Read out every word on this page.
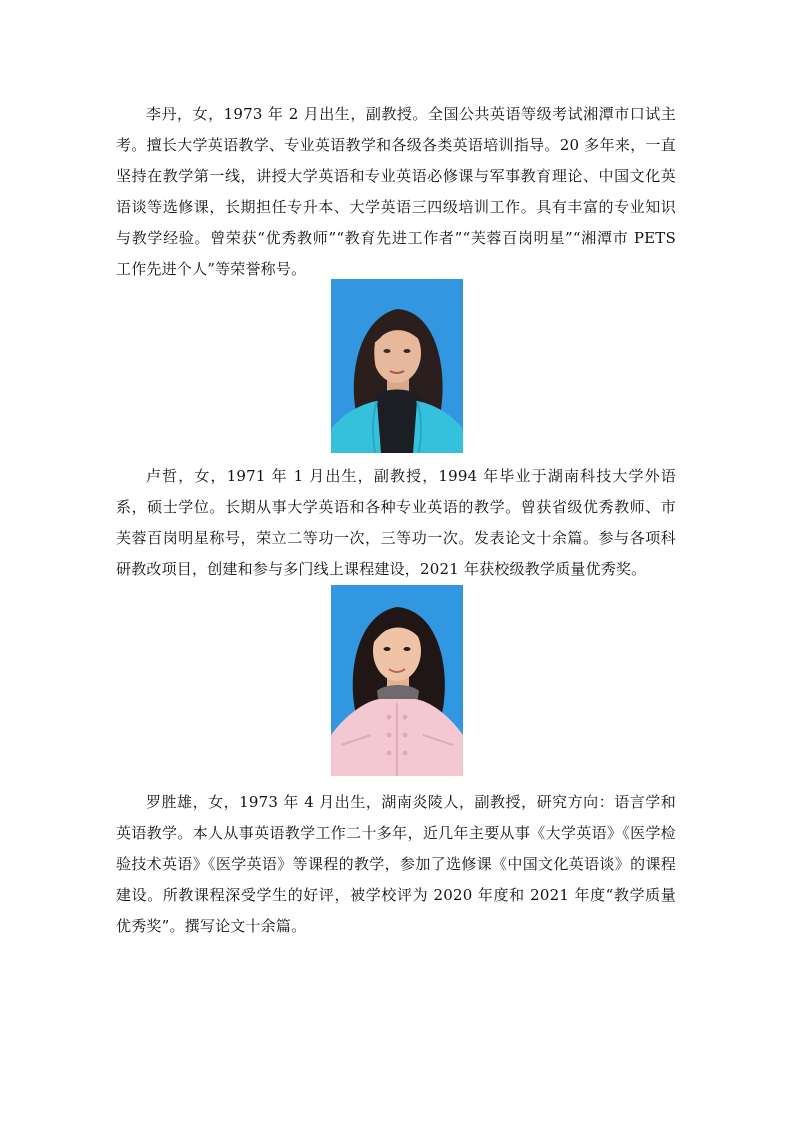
李丹，女，1973 年 2 月出生，副教授。全国公共英语等级考试湘潭市口试主考。擅长大学英语教学、专业英语教学和各级各类英语培训指导。20 多年来，一直坚持在教学第一线，讲授大学英语和专业英语必修课与军事教育理论、中国文化英语谈等选修课，长期担任专升本、大学英语三四级培训工作。具有丰富的专业知识与教学经验。曾荣获“优秀教师”“教育先进工作者”“芙蓉百岗明星”“湘潭市 PETS 工作先进个人”等荣誉称号。

卢哲，女，1971 年 1 月出生，副教授，1994 年毕业于湖南科技大学外语系，硕士学位。长期从事大学英语和各种专业英语的教学。曾获省级优秀教师、市芙蓉百岗明星称号，荣立二等功一次，三等功一次。发表论文十余篇。参与各项科研教改项目，创建和参与多门线上课程建设，2021 年获校级教学质量优秀奖。

罗胜雄，女，1973 年 4 月出生，湖南炎陵人，副教授，研究方向：语言学和英语教学。本人从事英语教学工作二十多年，近几年主要从事《大学英语》《医学检验技术英语》《医学英语》等课程的教学，参加了选修课《中国文化英语谈》的课程建设。所教课程深受学生的好评，被学校评为 2020 年度和 2021 年度“教学质量优秀奖”。撰写论文十余篇。
